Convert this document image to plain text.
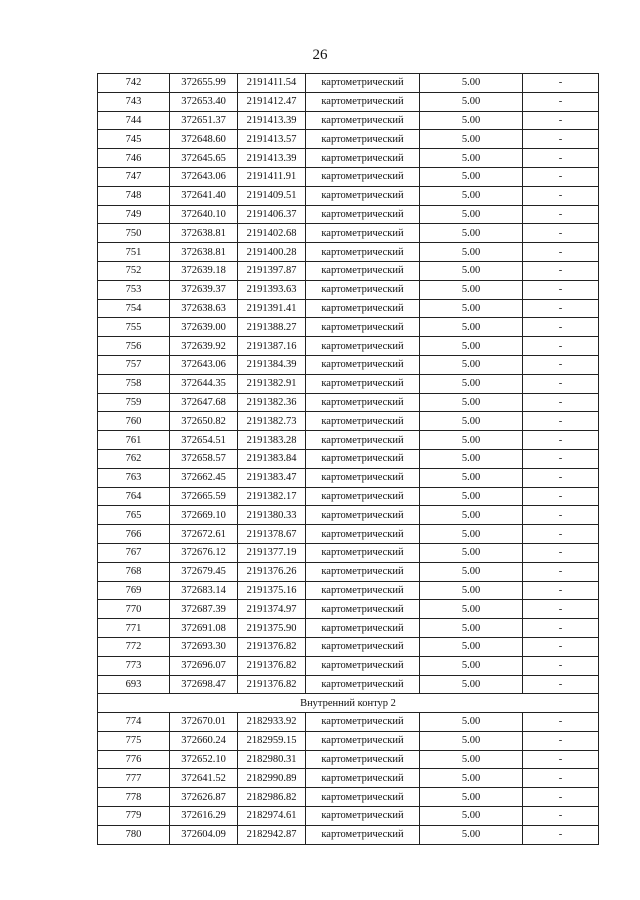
26
742	372655.99	2191411.54	картометрический	5.00	-
743	372653.40	2191412.47	картометрический	5.00	-
744	372651.37	2191413.39	картометрический	5.00	-
745	372648.60	2191413.57	картометрический	5.00	-
746	372645.65	2191413.39	картометрический	5.00	-
747	372643.06	2191411.91	картометрический	5.00	-
748	372641.40	2191409.51	картометрический	5.00	-
749	372640.10	2191406.37	картометрический	5.00	-
750	372638.81	2191402.68	картометрический	5.00	-
751	372638.81	2191400.28	картометрический	5.00	-
752	372639.18	2191397.87	картометрический	5.00	-
753	372639.37	2191393.63	картометрический	5.00	-
754	372638.63	2191391.41	картометрический	5.00	-
755	372639.00	2191388.27	картометрический	5.00	-
756	372639.92	2191387.16	картометрический	5.00	-
757	372643.06	2191384.39	картометрический	5.00	-
758	372644.35	2191382.91	картометрический	5.00	-
759	372647.68	2191382.36	картометрический	5.00	-
760	372650.82	2191382.73	картометрический	5.00	-
761	372654.51	2191383.28	картометрический	5.00	-
762	372658.57	2191383.84	картометрический	5.00	-
763	372662.45	2191383.47	картометрический	5.00	-
764	372665.59	2191382.17	картометрический	5.00	-
765	372669.10	2191380.33	картометрический	5.00	-
766	372672.61	2191378.67	картометрический	5.00	-
767	372676.12	2191377.19	картометрический	5.00	-
768	372679.45	2191376.26	картометрический	5.00	-
769	372683.14	2191375.16	картометрический	5.00	-
770	372687.39	2191374.97	картометрический	5.00	-
771	372691.08	2191375.90	картометрический	5.00	-
772	372693.30	2191376.82	картометрический	5.00	-
773	372696.07	2191376.82	картометрический	5.00	-
693	372698.47	2191376.82	картометрический	5.00	-
Внутренний контур 2					
774	372670.01	2182933.92	картометрический	5.00	-
775	372660.24	2182959.15	картометрический	5.00	-
776	372652.10	2182980.31	картометрический	5.00	-
777	372641.52	2182990.89	картометрический	5.00	-
778	372626.87	2182986.82	картометрический	5.00	-
779	372616.29	2182974.61	картометрический	5.00	-
780	372604.09	2182942.87	картометрический	5.00	-
